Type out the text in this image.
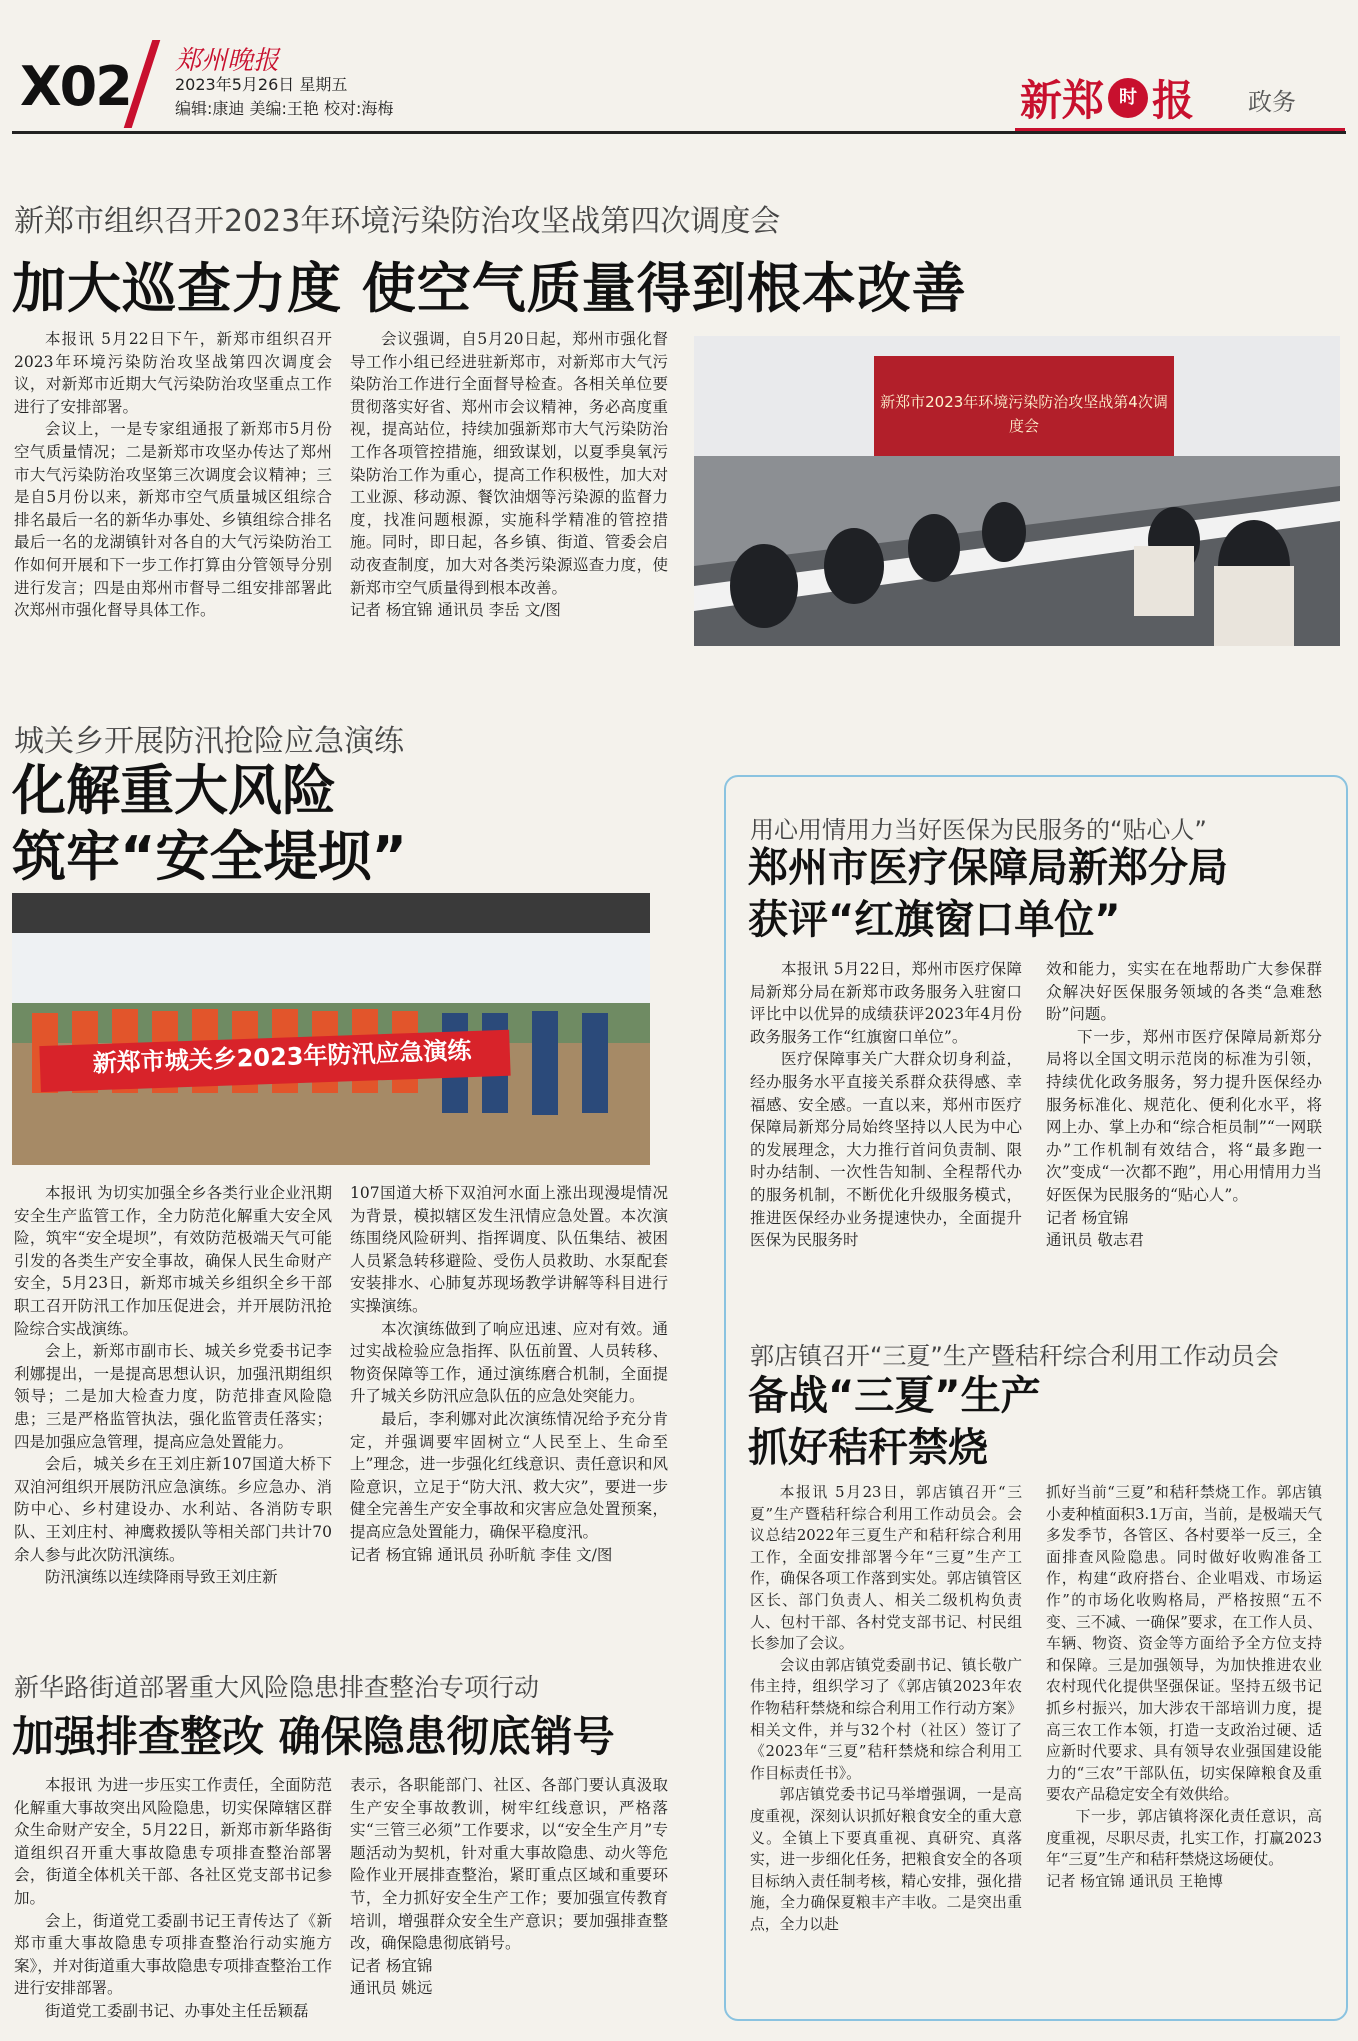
X02 郑州晚报
2023年5月26日 星期五
编辑:康迪 美编:王艳 校对:海梅	新郑 时 报 政务
新郑市组织召开2023年环境污染防治攻坚战第四次调度会
加大巡查力度 使空气质量得到根本改善

本报讯 5月22日下午，新郑市组织召开2023年环境污染防治攻坚战第四次调度会议，对新郑市近期大气污染防治攻坚重点工作进行了安排部署。

会议上，一是专家组通报了新郑市5月份空气质量情况；二是新郑市攻坚办传达了郑州市大气污染防治攻坚第三次调度会议精神；三是自5月份以来，新郑市空气质量城区组综合排名最后一名的新华办事处、乡镇组综合排名最后一名的龙湖镇针对各自的大气污染防治工作如何开展和下一步工作打算由分管领导分别进行发言；四是由郑州市督导二组安排部署此次郑州市强化督导具体工作。

会议强调，自5月20日起，郑州市强化督导工作小组已经进驻新郑市，对新郑市大气污染防治工作进行全面督导检查。各相关单位要贯彻落实好省、郑州市会议精神，务必高度重视，提高站位，持续加强新郑市大气污染防治工作各项管控措施，细致谋划，以夏季臭氧污染防治工作为重心，提高工作积极性，加大对工业源、移动源、餐饮油烟等污染源的监督力度，找准问题根源，实施科学精准的管控措施。同时，即日起，各乡镇、街道、管委会启动夜查制度，加大对各类污染源巡查力度，使新郑市空气质量得到根本改善。

记者 杨宜锦 通讯员 李岳 文/图

新郑市2023年环境污染防治攻坚战第4次调度会
城关乡开展防汛抢险应急演练
化解重大风险
筑牢“安全堤坝”
新郑市城关乡2023年防汛应急演练

本报讯 为切实加强全乡各类行业企业汛期安全生产监管工作，全力防范化解重大安全风险，筑牢“安全堤坝”，有效防范极端天气可能引发的各类生产安全事故，确保人民生命财产安全，5月23日，新郑市城关乡组织全乡干部职工召开防汛工作加压促进会，并开展防汛抢险综合实战演练。

会上，新郑市副市长、城关乡党委书记李利娜提出，一是提高思想认识，加强汛期组织领导；二是加大检查力度，防范排查风险隐患；三是严格监管执法，强化监管责任落实；四是加强应急管理，提高应急处置能力。

会后，城关乡在王刘庄新107国道大桥下双洎河组织开展防汛应急演练。乡应急办、消防中心、乡村建设办、水利站、各消防专职队、王刘庄村、神鹰救援队等相关部门共计70余人参与此次防汛演练。

防汛演练以连续降雨导致王刘庄新

107国道大桥下双洎河水面上涨出现漫堤情况为背景，模拟辖区发生汛情应急处置。本次演练围绕风险研判、指挥调度、队伍集结、被困人员紧急转移避险、受伤人员救助、水泵配套安装排水、心肺复苏现场教学讲解等科目进行实操演练。

本次演练做到了响应迅速、应对有效。通过实战检验应急指挥、队伍前置、人员转移、物资保障等工作，通过演练磨合机制，全面提升了城关乡防汛应急队伍的应急处突能力。

最后，李利娜对此次演练情况给予充分肯定，并强调要牢固树立“人民至上、生命至上”理念，进一步强化红线意识、责任意识和风险意识，立足于“防大汛、救大灾”，要进一步健全完善生产安全事故和灾害应急处置预案，提高应急处置能力，确保平稳度汛。

记者 杨宜锦 通讯员 孙昕航 李佳 文/图

新华路街道部署重大风险隐患排查整治专项行动
加强排查整改 确保隐患彻底销号

本报讯 为进一步压实工作责任，全面防范化解重大事故突出风险隐患，切实保障辖区群众生命财产安全，5月22日，新郑市新华路街道组织召开重大事故隐患专项排查整治部署会，街道全体机关干部、各社区党支部书记参加。

会上，街道党工委副书记王青传达了《新郑市重大事故隐患专项排查整治行动实施方案》，并对街道重大事故隐患专项排查整治工作进行安排部署。

街道党工委副书记、办事处主任岳颖磊

表示，各职能部门、社区、各部门要认真汲取生产安全事故教训，树牢红线意识，严格落实“三管三必须”工作要求，以“安全生产月”专题活动为契机，针对重大事故隐患、动火等危险作业开展排查整治，紧盯重点区域和重要环节，全力抓好安全生产工作；要加强宣传教育培训，增强群众安全生产意识；要加强排查整改，确保隐患彻底销号。

记者 杨宜锦

通讯员 姚远

用心用情用力当好医保为民服务的“贴心人”
郑州市医疗保障局新郑分局
获评“红旗窗口单位”

本报讯 5月22日，郑州市医疗保障局新郑分局在新郑市政务服务入驻窗口评比中以优异的成绩获评2023年4月份政务服务工作“红旗窗口单位”。

医疗保障事关广大群众切身利益，经办服务水平直接关系群众获得感、幸福感、安全感。一直以来，郑州市医疗保障局新郑分局始终坚持以人民为中心的发展理念，大力推行首问负责制、限时办结制、一次性告知制、全程帮代办的服务机制，不断优化升级服务模式，推进医保经办业务提速快办，全面提升医保为民服务时

效和能力，实实在在地帮助广大参保群众解决好医保服务领域的各类“急难愁盼”问题。

下一步，郑州市医疗保障局新郑分局将以全国文明示范岗的标准为引领，持续优化政务服务，努力提升医保经办服务标准化、规范化、便利化水平，将网上办、掌上办和“综合柜员制”“一网联办”工作机制有效结合，将“最多跑一次”变成“一次都不跑”，用心用情用力当好医保为民服务的“贴心人”。

记者 杨宜锦

通讯员 敬志君

郭店镇召开“三夏”生产暨秸秆综合利用工作动员会
备战“三夏”生产
抓好秸秆禁烧

本报讯 5月23日，郭店镇召开“三夏”生产暨秸秆综合利用工作动员会。会议总结2022年三夏生产和秸秆综合利用工作，全面安排部署今年“三夏”生产工作，确保各项工作落到实处。郭店镇管区区长、部门负责人、相关二级机构负责人、包村干部、各村党支部书记、村民组长参加了会议。

会议由郭店镇党委副书记、镇长敬广伟主持，组织学习了《郭店镇2023年农作物秸秆禁烧和综合利用工作行动方案》相关文件，并与32个村（社区）签订了《2023年“三夏”秸秆禁烧和综合利用工作目标责任书》。

郭店镇党委书记马举增强调，一是高度重视，深刻认识抓好粮食安全的重大意义。全镇上下要真重视、真研究、真落实，进一步细化任务，把粮食安全的各项目标纳入责任制考核，精心安排，强化措施，全力确保夏粮丰产丰收。二是突出重点，全力以赴

抓好当前“三夏”和秸秆禁烧工作。郭店镇小麦种植面积3.1万亩，当前，是极端天气多发季节，各管区、各村要举一反三，全面排查风险隐患。同时做好收购准备工作，构建“政府搭台、企业唱戏、市场运作”的市场化收购格局，严格按照“五不变、三不减、一确保”要求，在工作人员、车辆、物资、资金等方面给予全方位支持和保障。三是加强领导，为加快推进农业农村现代化提供坚强保证。坚持五级书记抓乡村振兴，加大涉农干部培训力度，提高三农工作本领，打造一支政治过硬、适应新时代要求、具有领导农业强国建设能力的“三农”干部队伍，切实保障粮食及重要农产品稳定安全有效供给。

下一步，郭店镇将深化责任意识，高度重视，尽职尽责，扎实工作，打赢2023年“三夏”生产和秸秆禁烧这场硬仗。

记者 杨宜锦 通讯员 王艳博
